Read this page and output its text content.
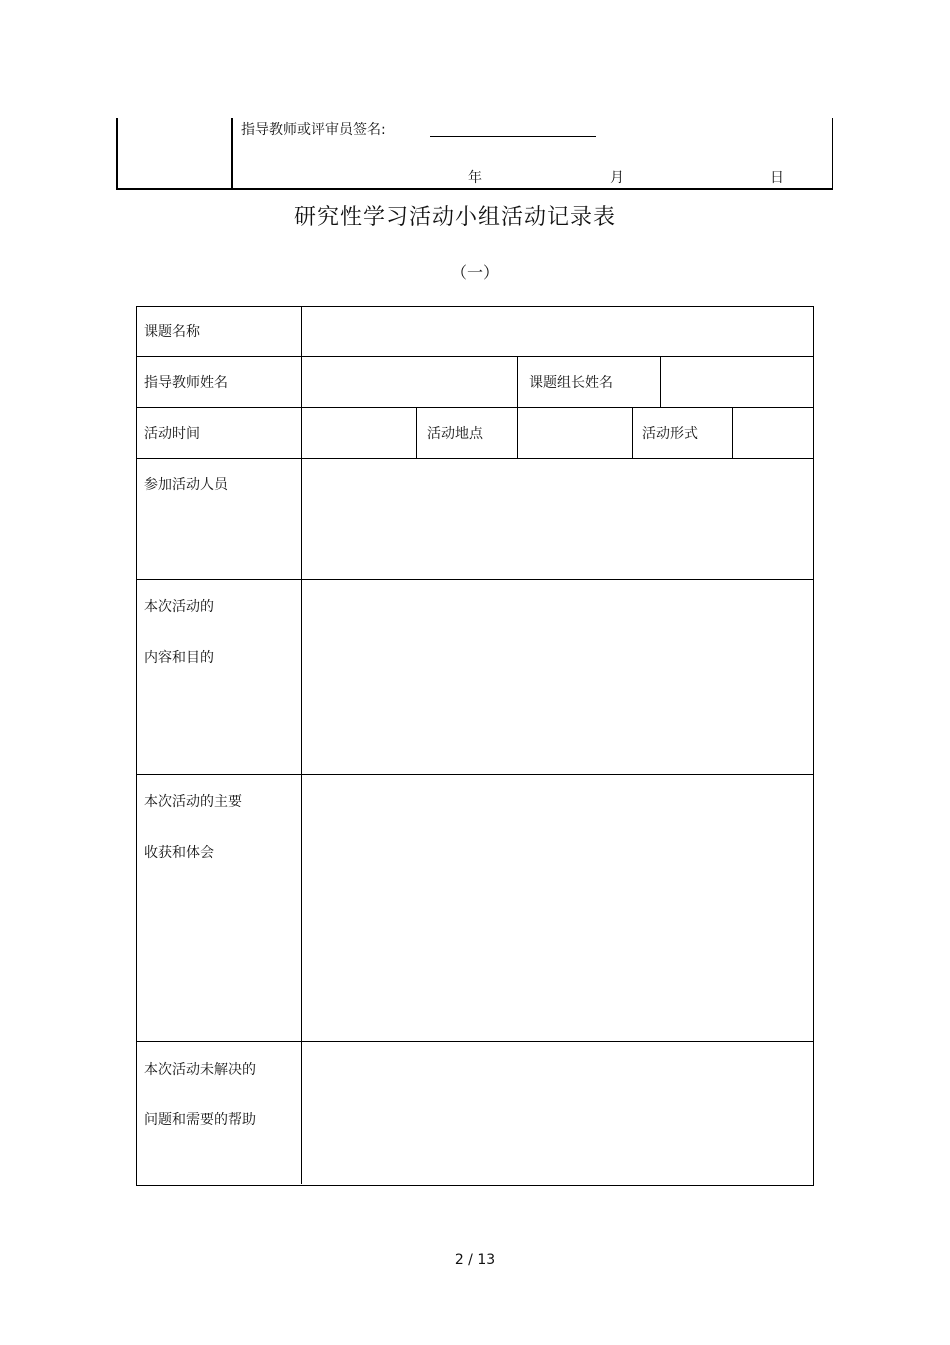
指导教师或评审员签名:
年	月	日
研究性学习活动小组活动记录表
（一）
课题名称
指导教师姓名	课题组长姓名
活动时间	活动地点	活动形式
参加活动人员
本次活动的
内容和目的
本次活动的主要
收获和体会
本次活动未解决的
问题和需要的帮助
2 / 13
